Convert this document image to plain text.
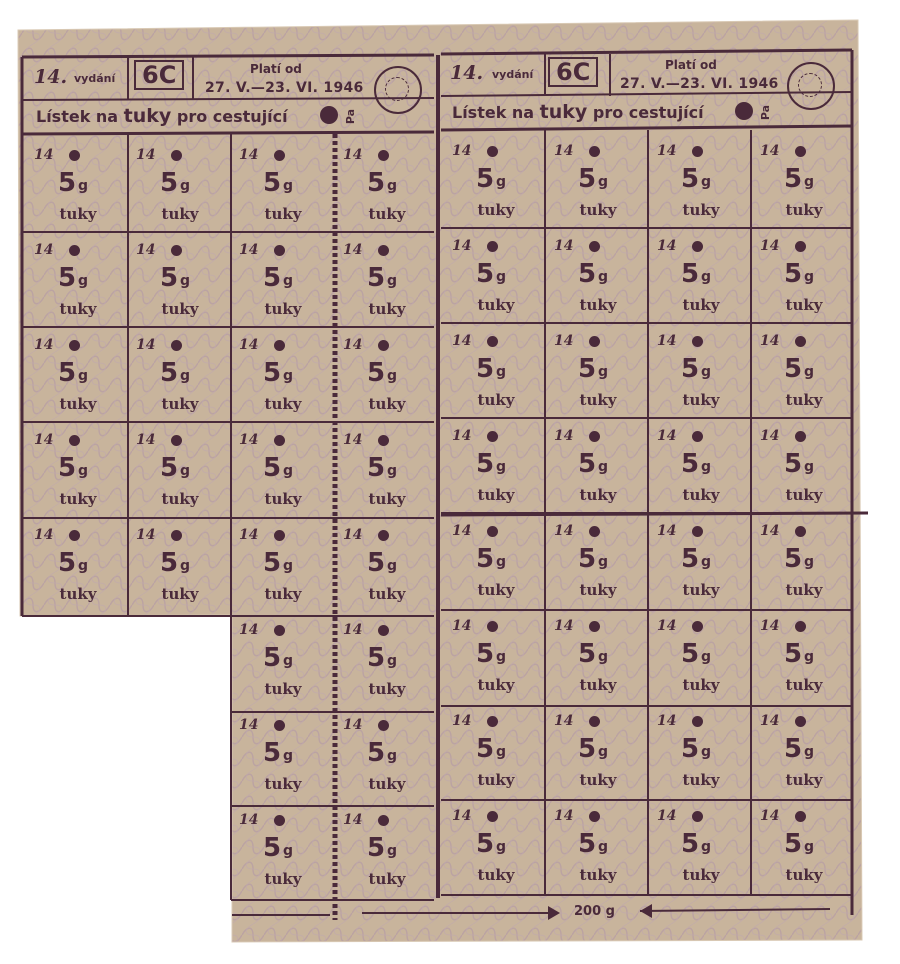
14. vydání	6C	Platí od
27. V.—23. VI. 1946
Lístek na tuky pro cestující	Pa
14. vydání 6C	Platí od
27. V.—23. VI. 1946
Lístek na tuky pro cestující	Pa
14
5 g
tuky
14
5 g
tuky
14
5 g
tuky
14
5 g
tuky
14
5 g
tuky
14
5 g
tuky
14
5 g
tuky
14
5 g
tuky
14
5 g
tuky
14
5 g
tuky
14
5 g
tuky
14
5 g
tuky
14
5 g
tuky
14
5 g
tuky
14
5 g
tuky
14
5 g
tuky
14
5 g
tuky
14
5 g
tuky
14
5 g
tuky
14
5 g
tuky
14
5 g
tuky
14
5 g
tuky
14
5 g
tuky
14
5 g
tuky
14
5 g
tuky
14
5 g
tuky
14
5 g
tuky
14
5 g
tuky
14
5 g
tuky
14
5 g
tuky
14
5 g
tuky
14
5 g
tuky
14
5 g
tuky
14
5 g
tuky
14
5 g
tuky
14
5 g
tuky
14
5 g
tuky
14
5 g
tuky
14
5 g
tuky
14
5 g
tuky
14
5 g
tuky
14
5 g
tuky
14
5 g
tuky
14
5 g
tuky
14
5 g
tuky
14
5 g
tuky
14
5 g
tuky
14
5 g
tuky
14
5 g
tuky
14
5 g
tuky
14
5 g
tuky
14
5 g
tuky
14
5 g
tuky
14
5 g
tuky
14
5 g
tuky
14
5 g
tuky
14
5 g
tuky
14
5 g
tuky
200 g
